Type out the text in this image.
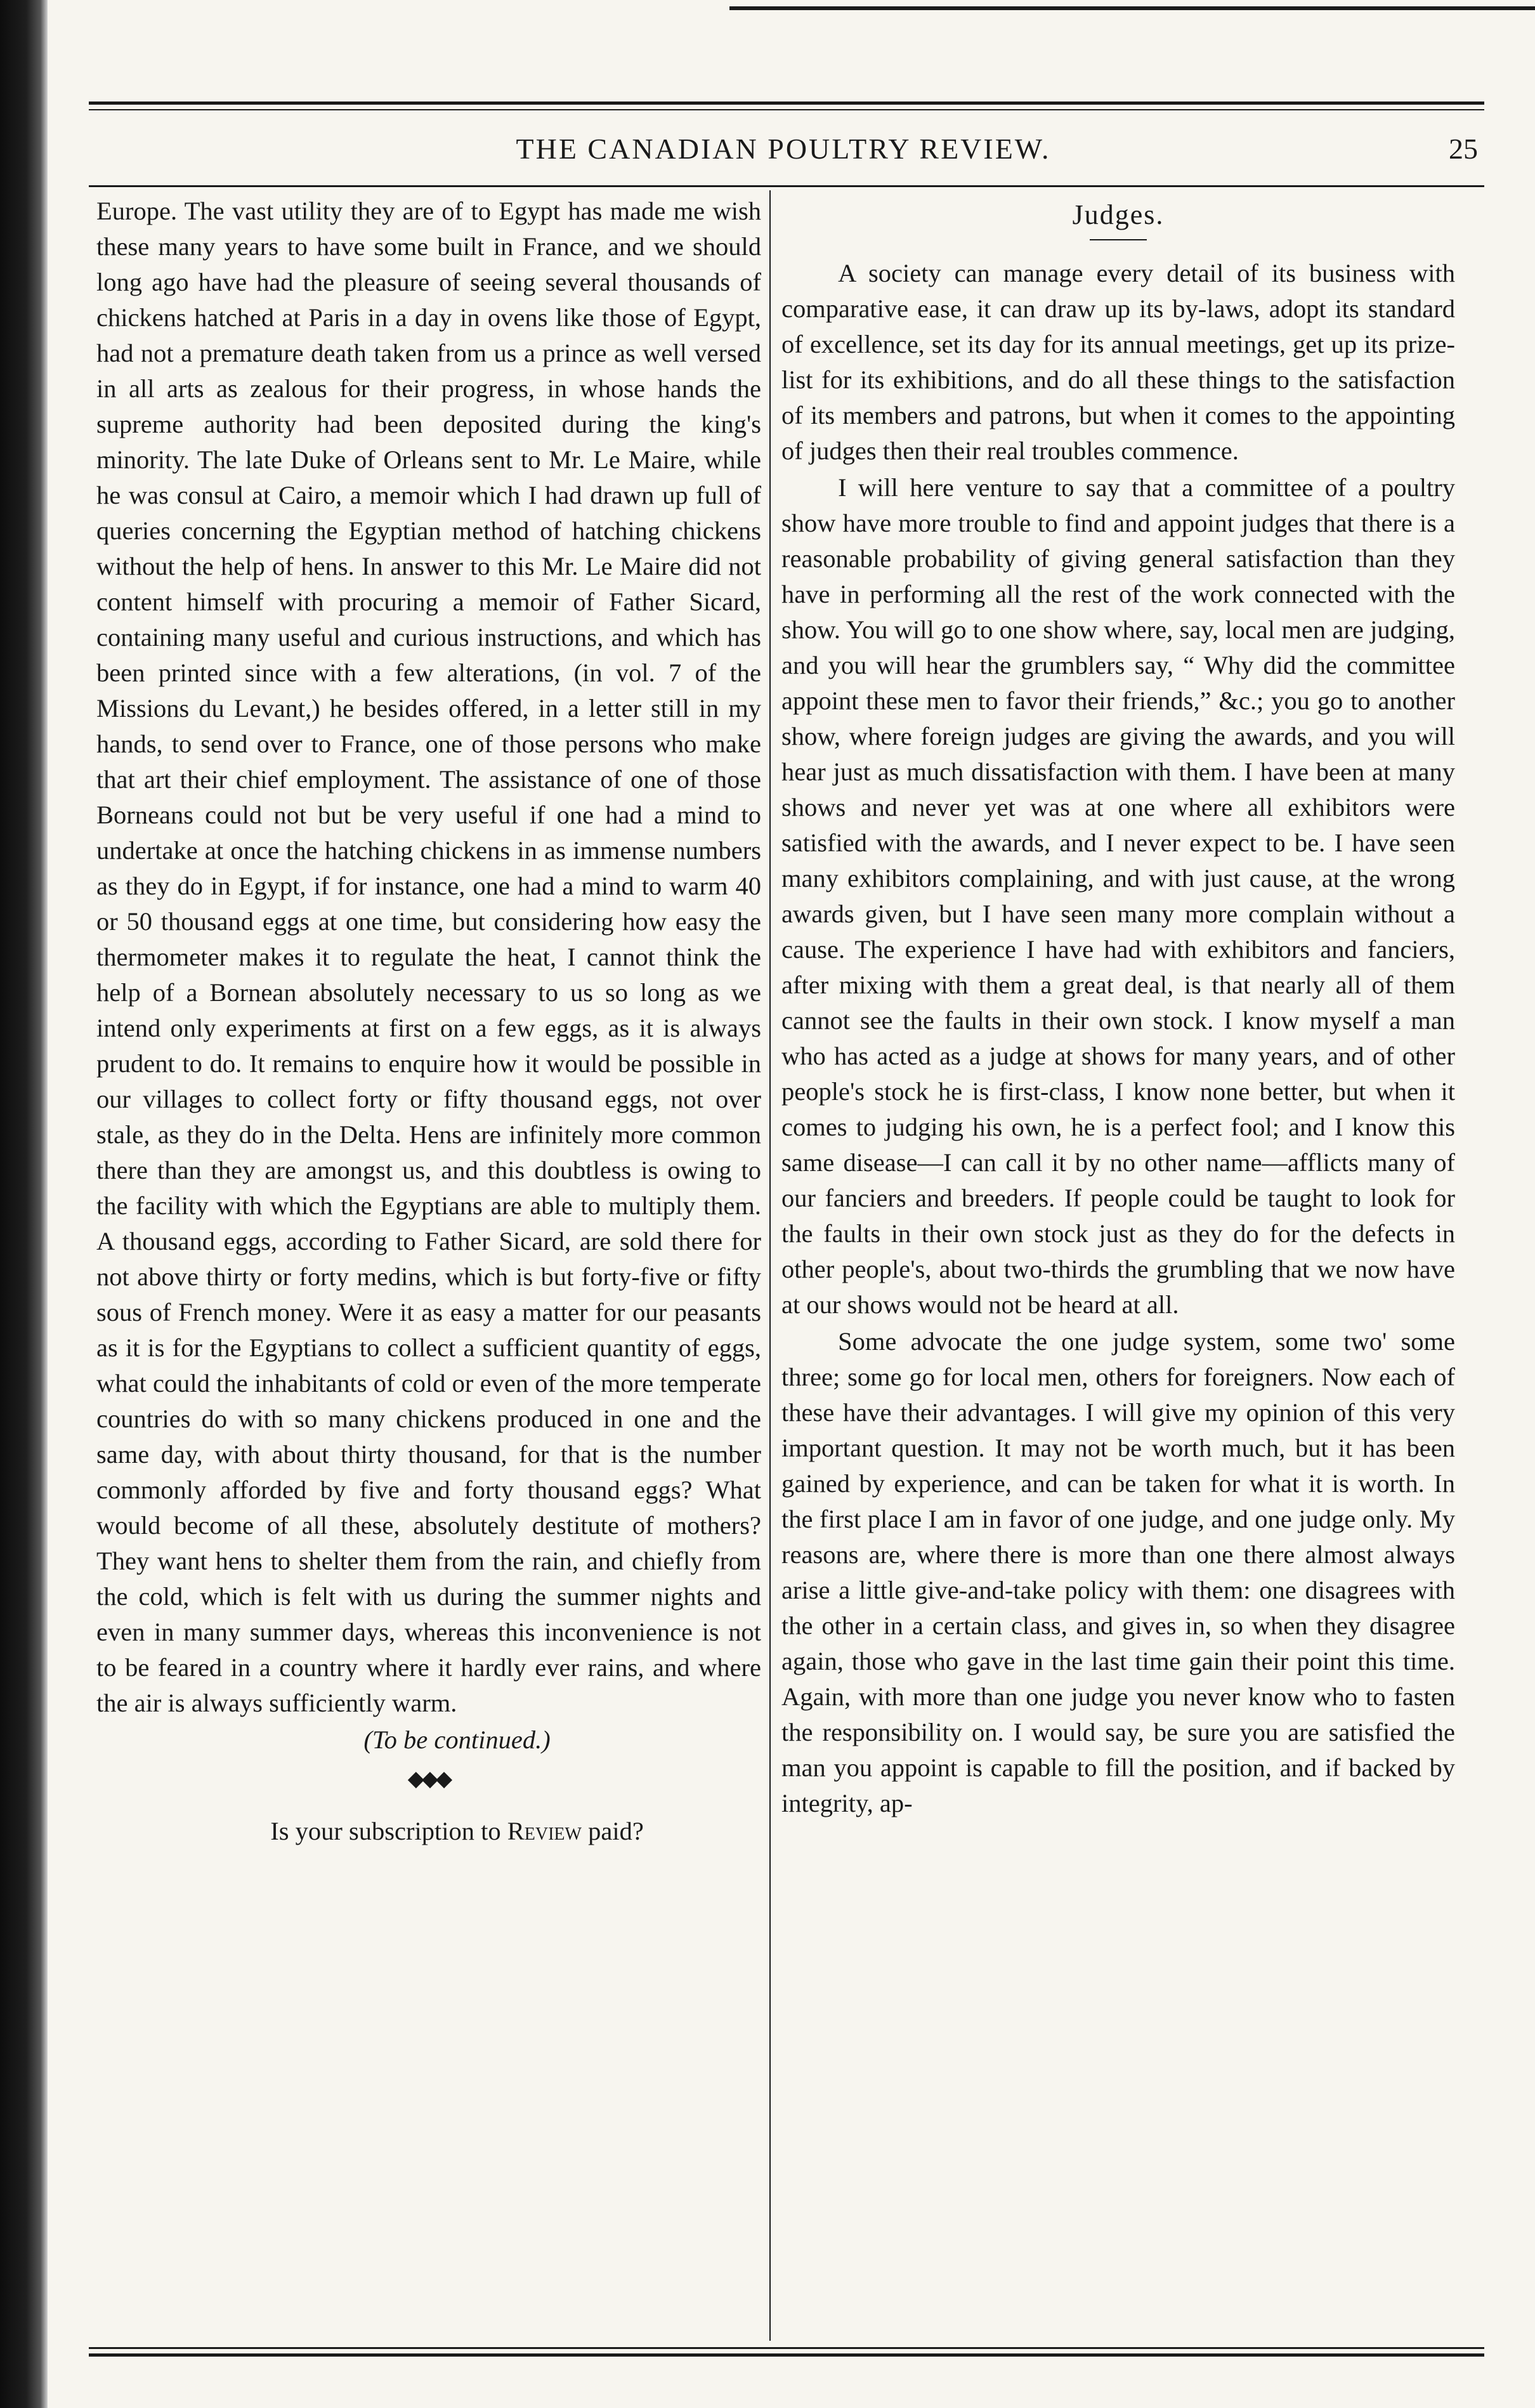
THE CANADIAN POULTRY REVIEW.	25

Europe. The vast utility they are of to Egypt has made me wish these many years to have some built in France, and we should long ago have had the pleasure of seeing several thousands of chickens hatched at Paris in a day in ovens like those of Egypt, had not a premature death taken from us a prince as well versed in all arts as zealous for their progress, in whose hands the supreme authority had been deposited during the king's minority. The late Duke of Orleans sent to Mr. Le Maire, while he was consul at Cairo, a memoir which I had drawn up full of queries concerning the Egyptian method of hatching chickens without the help of hens. In answer to this Mr. Le Maire did not content himself with procuring a memoir of Father Sicard, containing many useful and curious instructions, and which has been printed since with a few alterations, (in vol. 7 of the Missions du Levant,) he besides offered, in a letter still in my hands, to send over to France, one of those persons who make that art their chief employment. The assistance of one of those Borneans could not but be very useful if one had a mind to undertake at once the hatching chickens in as immense numbers as they do in Egypt, if for instance, one had a mind to warm 40 or 50 thousand eggs at one time, but considering how easy the thermometer makes it to regulate the heat, I cannot think the help of a Bornean absolutely necessary to us so long as we intend only experiments at first on a few eggs, as it is always prudent to do. It remains to enquire how it would be possible in our villages to collect forty or fifty thousand eggs, not over stale, as they do in the Delta. Hens are infinitely more common there than they are amongst us, and this doubtless is owing to the facility with which the Egyptians are able to multiply them. A thousand eggs, according to Father Sicard, are sold there for not above thirty or forty medins, which is but forty-five or fifty sous of French money. Were it as easy a matter for our peasants as it is for the Egyptians to collect a sufficient quantity of eggs, what could the inhabitants of cold or even of the more temperate countries do with so many chickens produced in one and the same day, with about thirty thousand, for that is the number commonly afforded by five and forty thousand eggs? What would become of all these, absolutely destitute of mothers? They want hens to shelter them from the rain, and chiefly from the cold, which is felt with us during the summer nights and even in many summer days, whereas this inconvenience is not to be feared in a country where it hardly ever rains, and where the air is always sufficiently warm.

(To be continued.)

◆◆◆

Is your subscription to Review paid?

Judges.

A society can manage every detail of its business with comparative ease, it can draw up its by-laws, adopt its standard of excellence, set its day for its annual meetings, get up its prize-list for its exhibitions, and do all these things to the satisfaction of its members and patrons, but when it comes to the appointing of judges then their real troubles commence.

I will here venture to say that a committee of a poultry show have more trouble to find and appoint judges that there is a reasonable probability of giving general satisfaction than they have in performing all the rest of the work connected with the show. You will go to one show where, say, local men are judging, and you will hear the grumblers say, “ Why did the committee appoint these men to favor their friends,” &c.; you go to another show, where foreign judges are giving the awards, and you will hear just as much dissatisfaction with them. I have been at many shows and never yet was at one where all exhibitors were satisfied with the awards, and I never expect to be. I have seen many exhibitors complaining, and with just cause, at the wrong awards given, but I have seen many more complain without a cause. The experience I have had with exhibitors and fanciers, after mixing with them a great deal, is that nearly all of them cannot see the faults in their own stock. I know myself a man who has acted as a judge at shows for many years, and of other people's stock he is first-class, I know none better, but when it comes to judging his own, he is a perfect fool; and I know this same disease—I can call it by no other name—afflicts many of our fanciers and breeders. If people could be taught to look for the faults in their own stock just as they do for the defects in other people's, about two-thirds the grumbling that we now have at our shows would not be heard at all.

Some advocate the one judge system, some two' some three; some go for local men, others for foreigners. Now each of these have their advantages. I will give my opinion of this very important question. It may not be worth much, but it has been gained by experience, and can be taken for what it is worth. In the first place I am in favor of one judge, and one judge only. My reasons are, where there is more than one there almost always arise a little give-and-take policy with them: one disagrees with the other in a certain class, and gives in, so when they disagree again, those who gave in the last time gain their point this time. Again, with more than one judge you never know who to fasten the responsibility on. I would say, be sure you are satisfied the man you appoint is capable to fill the position, and if backed by integrity, ap-
